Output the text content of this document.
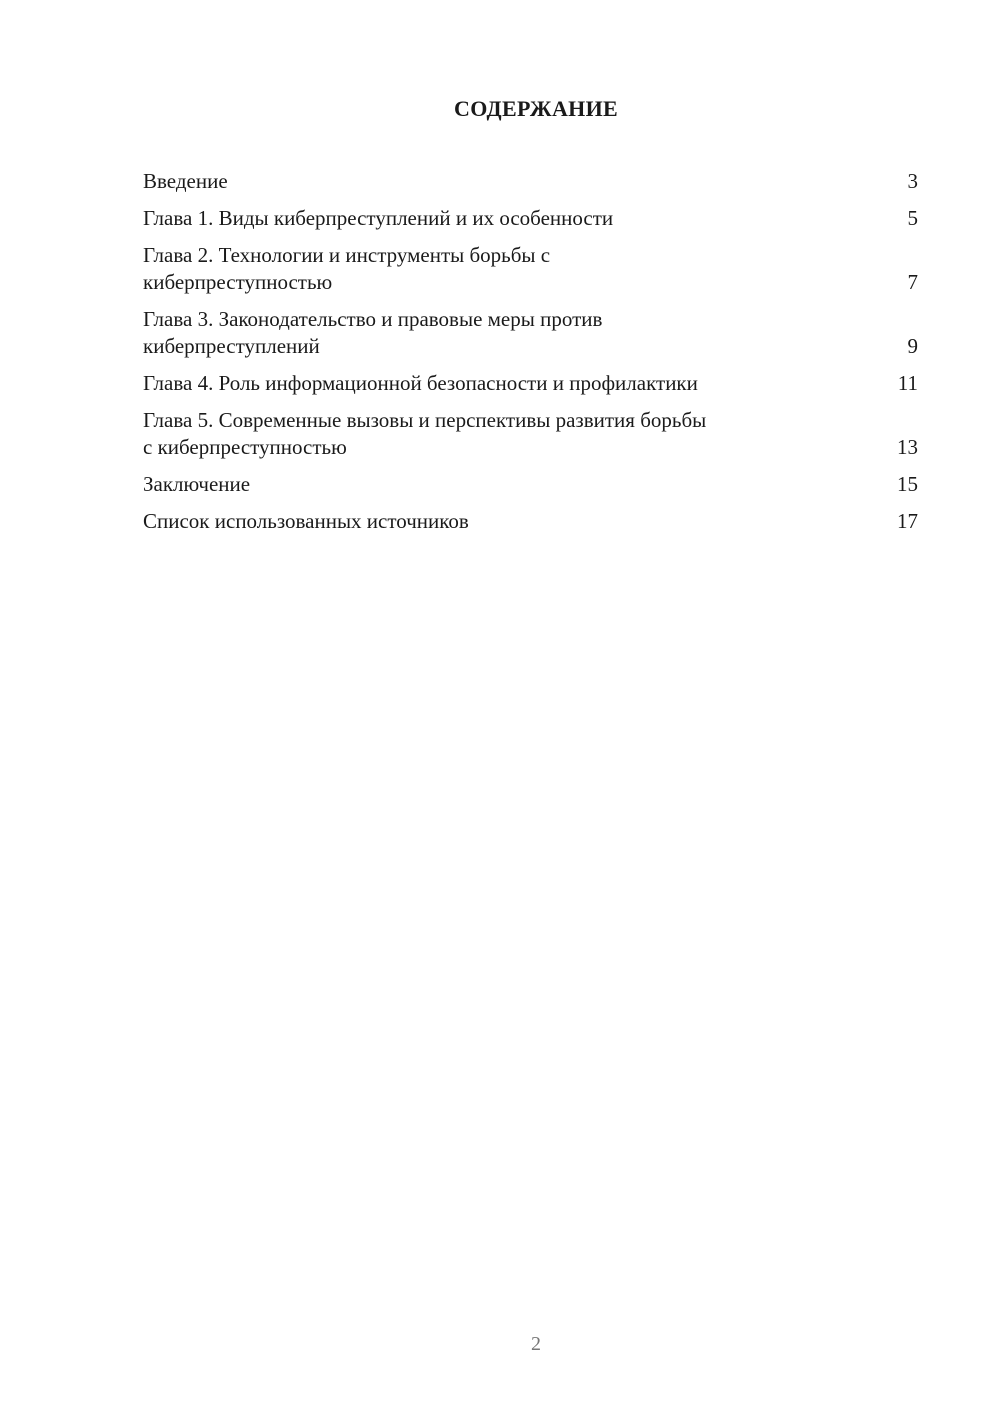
СОДЕРЖАНИЕ
Введение	3
Глава 1. Виды киберпреступлений и их особенности	5
Глава 2. Технологии и инструменты борьбы с
киберпреступностью	7
Глава 3. Законодательство и правовые меры против
киберпреступлений	9
Глава 4. Роль информационной безопасности и профилактики	11
Глава 5. Современные вызовы и перспективы развития борьбы
с киберпреступностью	13
Заключение	15
Список использованных источников	17
2
